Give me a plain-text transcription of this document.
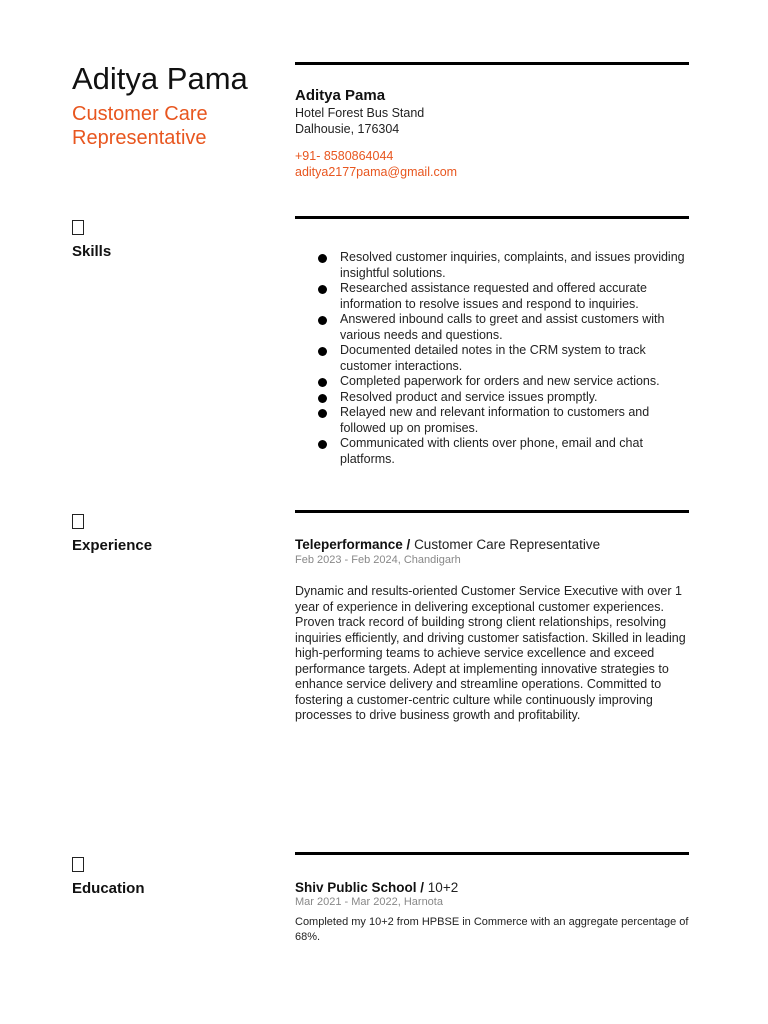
Aditya Pama
Customer Care Representative
Aditya Pama
Hotel Forest Bus Stand
Dalhousie, 176304
+91- 8580864044
aditya2177pama@gmail.com
Skills	Resolved customer inquiries, complaints, and issues providing insightful solutions.
Researched assistance requested and offered accurate information to resolve issues and respond to inquiries.
Answered inbound calls to greet and assist customers with various needs and questions.
Documented detailed notes in the CRM system to track customer interactions.
Completed paperwork for orders and new service actions.
Resolved product and service issues promptly.
Relayed new and relevant information to customers and followed up on promises.
Communicated with clients over phone, email and chat platforms.
Experience	Teleperformance / Customer Care Representative
Feb 2023 - Feb 2024, Chandigarh

Dynamic and results-oriented Customer Service Executive with over 1 year of experience in delivering exceptional customer experiences. Proven track record of building strong client relationships, resolving inquiries efficiently, and driving customer satisfaction. Skilled in leading high-performing teams to achieve service excellence and exceed performance targets. Adept at implementing innovative strategies to enhance service delivery and streamline operations. Committed to fostering a customer-centric culture while continuously improving processes to drive business growth and profitability.

Education	Shiv Public School / 10+2
Mar 2021 - Mar 2022, Harnota

Completed my 10+2 from HPBSE in Commerce with an aggregate percentage of 68%.
